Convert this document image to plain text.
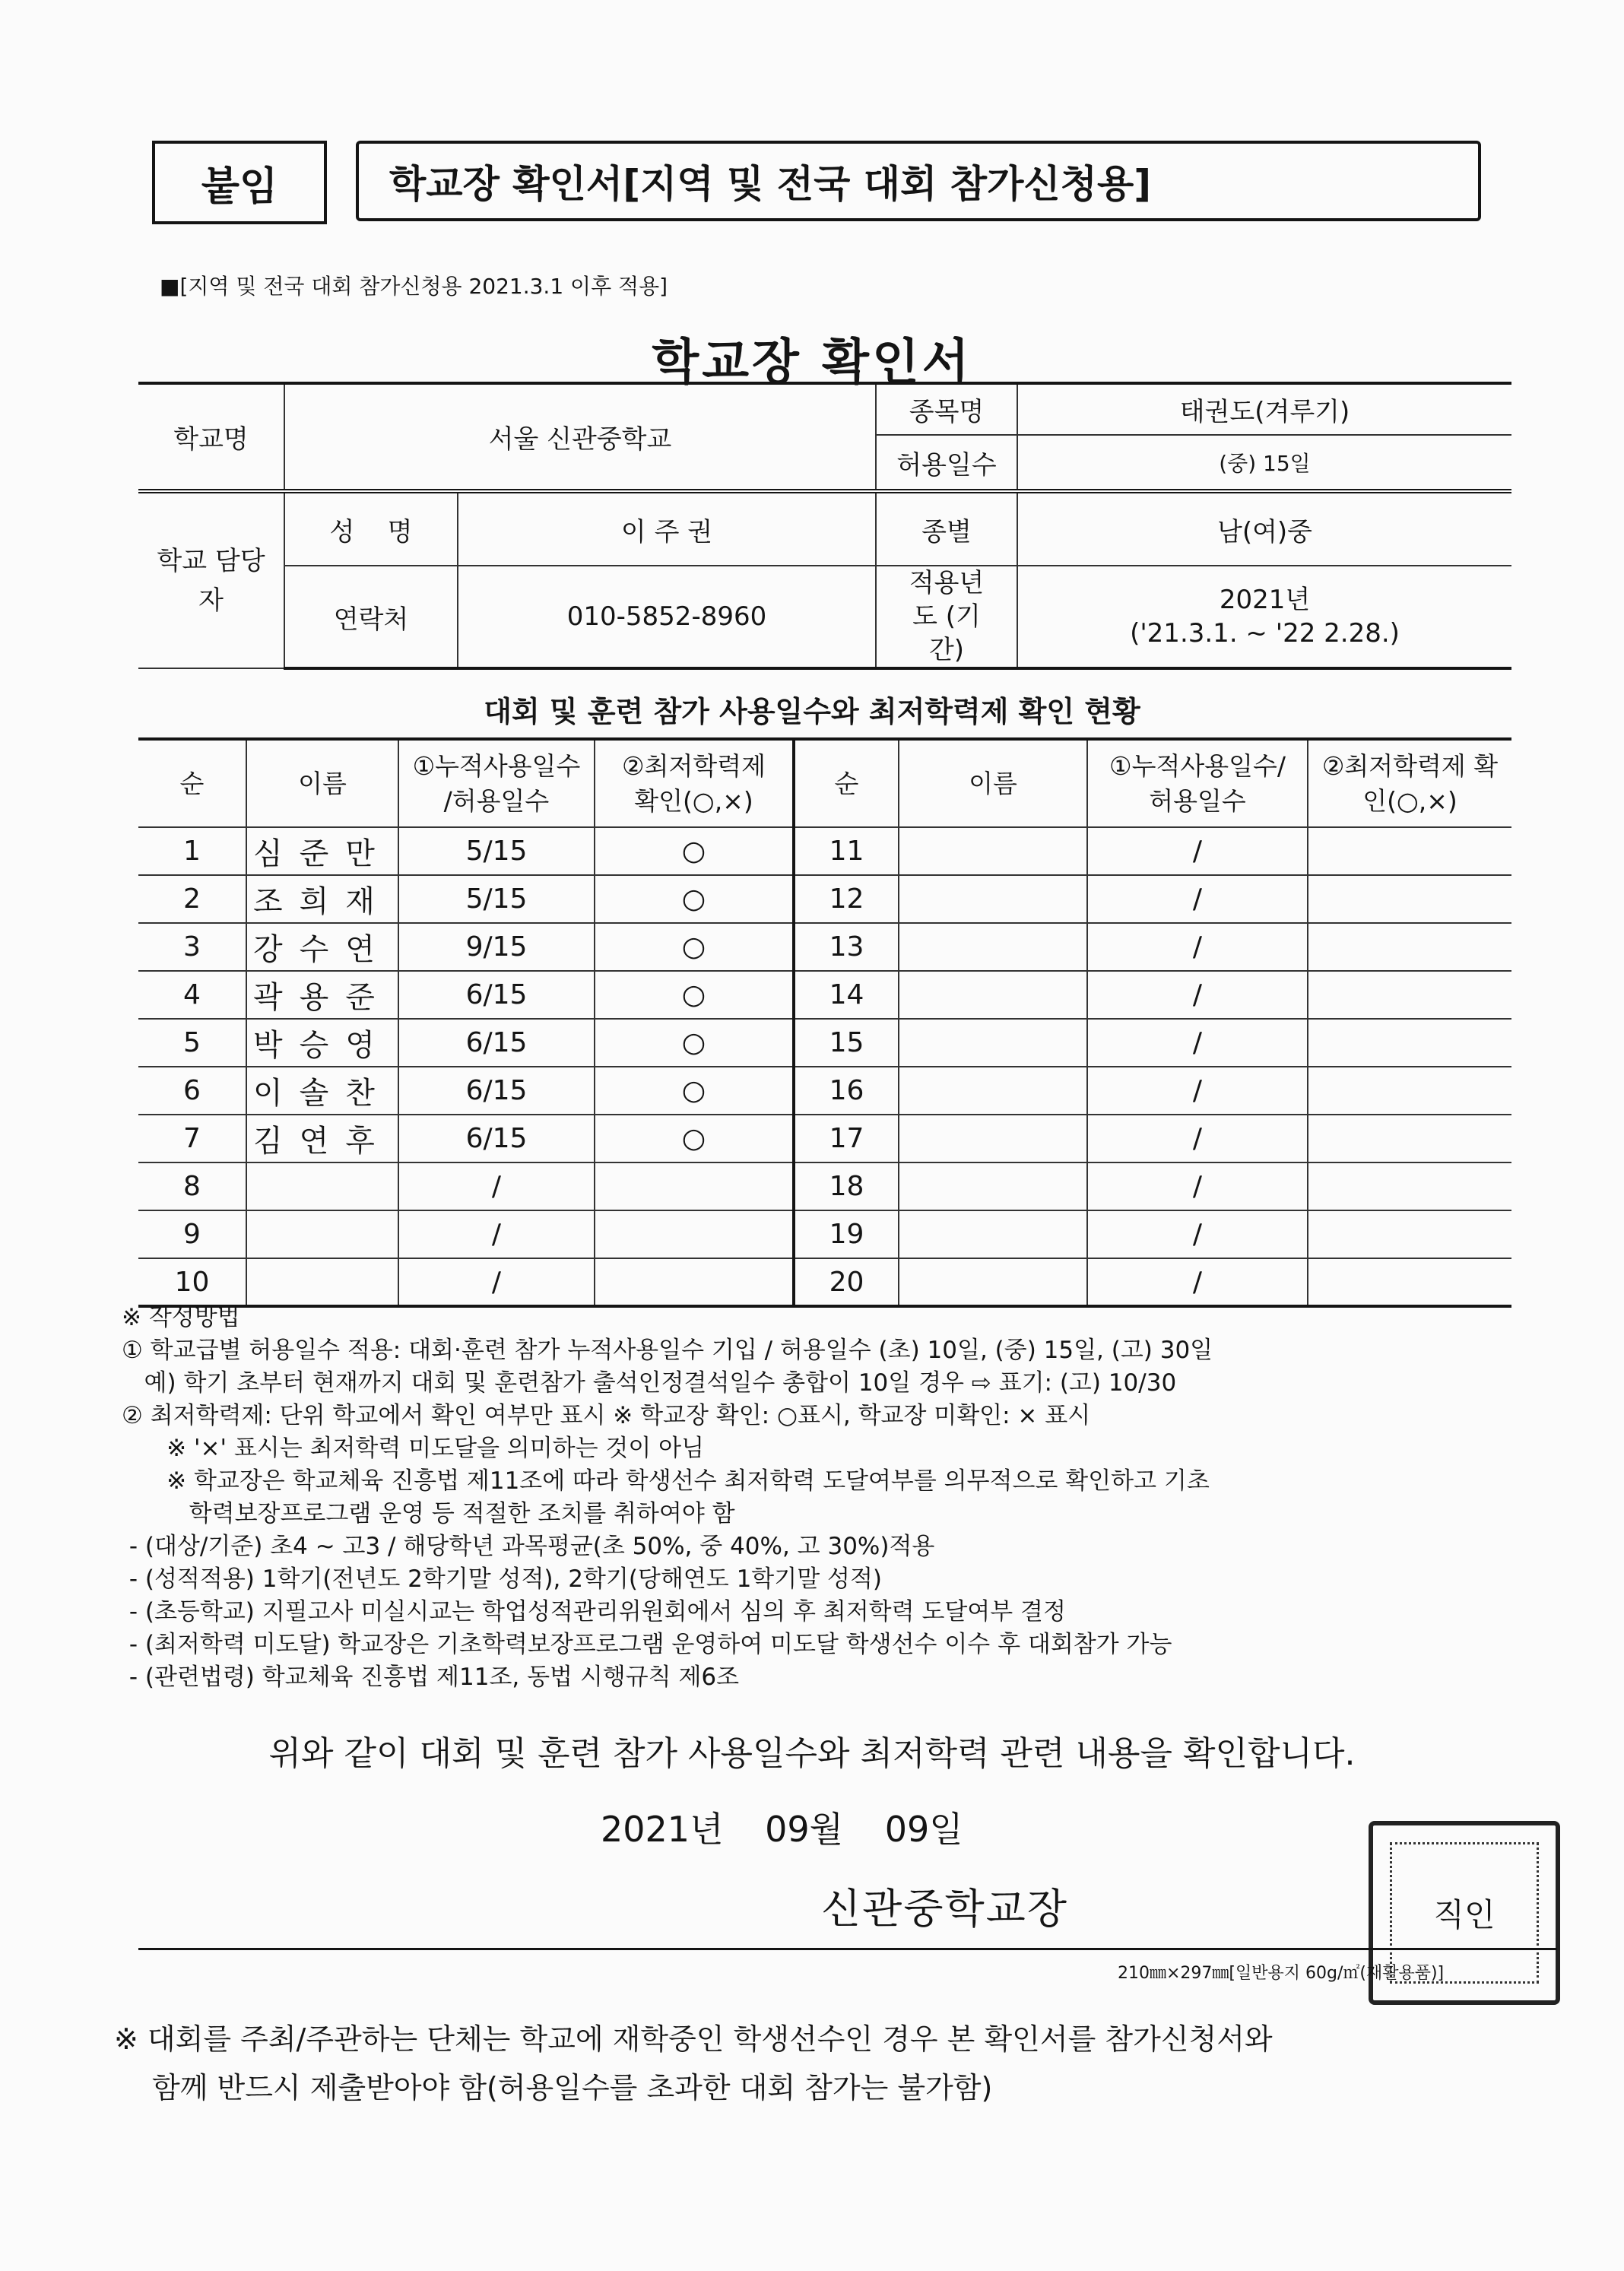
붙임	학교장 확인서[지역 및 전국 대회 참가신청용]
■[지역 및 전국 대회 참가신청용 2021.3.1 이후 적용]
학교장 확인서
학교명	서울 신관중학교		종목명	태권도(겨루기)
			허용일수	(중) 15일
학교 담당자	성    명	이 주 권	종별	남(여)중
	연락처	010-5852-8960	적용년도 (기간)	2021년
('21.3.1. ~ '22 2.28.)
대회 및 훈련 참가 사용일수와 최저학력제 확인 현황
순	이름	①누적사용일수 /허용일수	②최저학력제 확인(○,×)	순	이름	①누적사용일수/ 허용일수	②최저학력제 확인(○,×)
1	심준만	5/15	○	11		/	
2	조희재	5/15	○	12		/	
3	강수연	9/15	○	13		/	
4	곽용준	6/15	○	14		/	
5	박승영	6/15	○	15		/	
6	이솔찬	6/15	○	16		/	
7	김연후	6/15	○	17		/	
8		/		18		/	
9		/		19		/	
10		/		20		/	
※ 작성방법
① 학교급별 허용일수 적용: 대회·훈련 참가 누적사용일수 기입 / 허용일수 (초) 10일, (중) 15일, (고) 30일
예) 학기 초부터 현재까지 대회 및 훈련참가 출석인정결석일수 총합이 10일 경우 ⇨ 표기: (고) 10/30
② 최저학력제: 단위 학교에서 확인 여부만 표시 ※ 학교장 확인: ○표시, 학교장 미확인: × 표시
※ '×' 표시는 최저학력 미도달을 의미하는 것이 아님
※ 학교장은 학교체육 진흥법 제11조에 따라 학생선수 최저학력 도달여부를 의무적으로 확인하고 기초
학력보장프로그램 운영 등 적절한 조치를 취하여야 함
- (대상/기준) 초4 ~ 고3 / 해당학년 과목평균(초 50%, 중 40%, 고 30%)적용
- (성적적용) 1학기(전년도 2학기말 성적), 2학기(당해연도 1학기말 성적)
- (초등학교) 지필고사 미실시교는 학업성적관리위원회에서 심의 후 최저학력 도달여부 결정
- (최저학력 미도달) 학교장은 기초학력보장프로그램 운영하여 미도달 학생선수 이수 후 대회참가 가능
- (관련법령) 학교체육 진흥법 제11조, 동법 시행규칙 제6조
위와 같이 대회 및 훈련 참가 사용일수와 최저학력 관련 내용을 확인합니다.
2021년 09월 09일
신관중학교장	직인
210㎜×297㎜[일반용지 60g/㎡(재활용품)]
※ 대회를 주최/주관하는 단체는 학교에 재학중인 학생선수인 경우 본 확인서를 참가신청서와
함께 반드시 제출받아야 함(허용일수를 초과한 대회 참가는 불가함)
